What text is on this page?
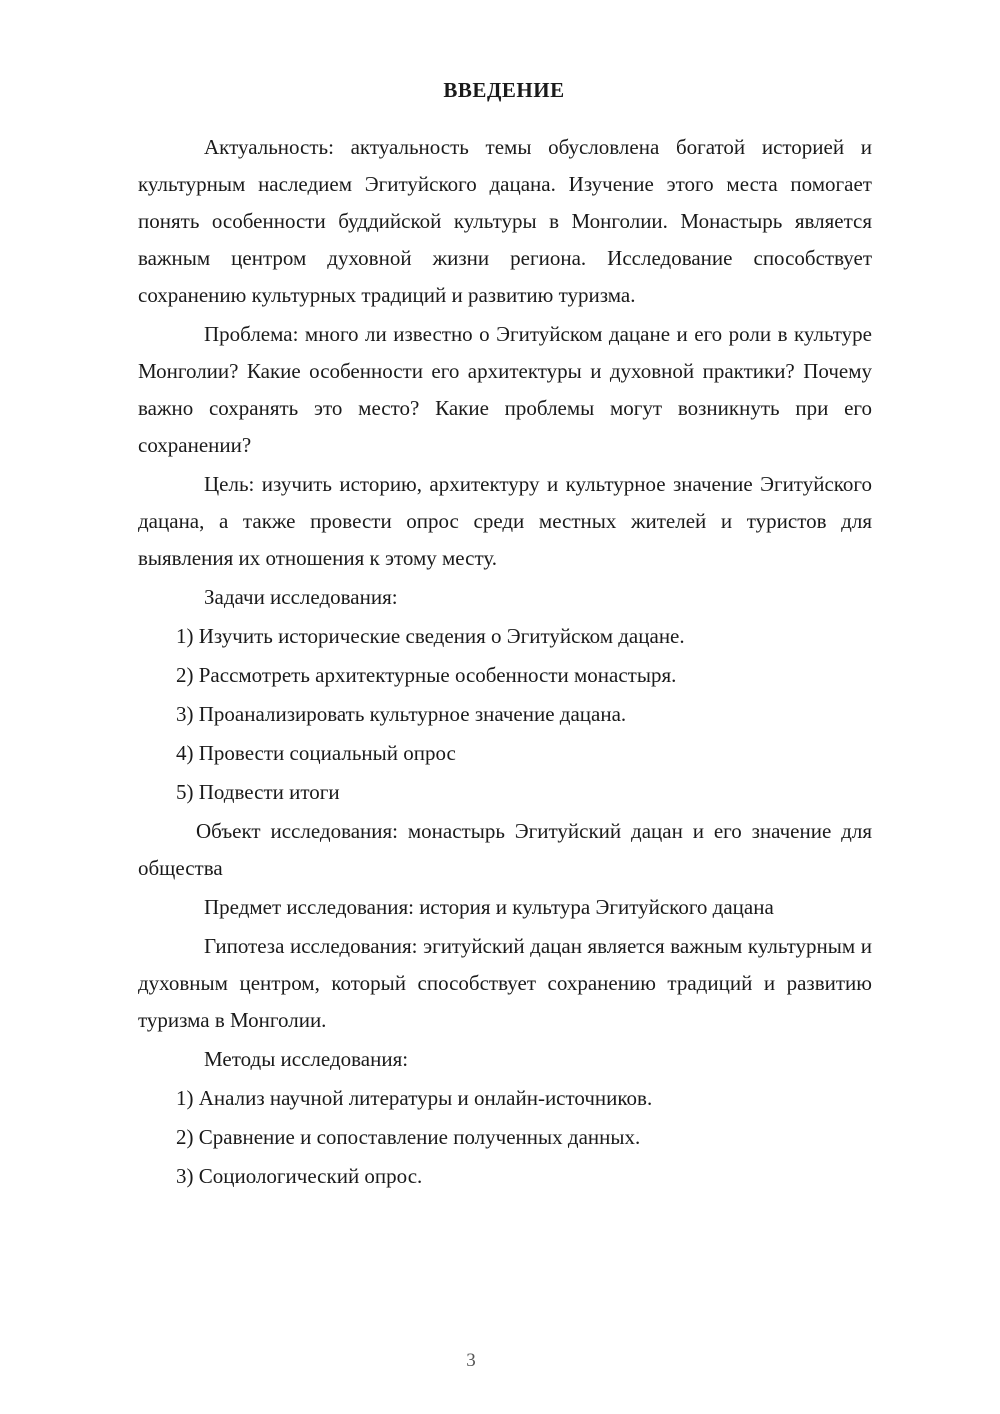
ВВЕДЕНИЕ

Актуальность: актуальность темы обусловлена богатой историей и культурным наследием Эгитуйского дацана. Изучение этого места помогает понять особенности буддийской культуры в Монголии. Монастырь является важным центром духовной жизни региона. Исследование способствует сохранению культурных традиций и развитию туризма.

Проблема: много ли известно о Эгитуйском дацане и его роли в культуре Монголии? Какие особенности его архитектуры и духовной практики? Почему важно сохранять это место? Какие проблемы могут возникнуть при его сохранении?

Цель: изучить историю, архитектуру и культурное значение Эгитуйского дацана, а также провести опрос среди местных жителей и туристов для выявления их отношения к этому месту.

Задачи исследования:

1) Изучить исторические сведения о Эгитуйском дацане.

2) Рассмотреть архитектурные особенности монастыря.

3) Проанализировать культурное значение дацана.

4) Провести социальный опрос

5) Подвести итоги

Объект исследования: монастырь Эгитуйский дацан и его значение для общества

Предмет исследования: история и культура Эгитуйского дацана

Гипотеза исследования: эгитуйский дацан является важным культурным и духовным центром, который способствует сохранению традиций и развитию туризма в Монголии.

Методы исследования:

1) Анализ научной литературы и онлайн-источников.

2) Сравнение и сопоставление полученных данных.

3) Социологический опрос.

3
